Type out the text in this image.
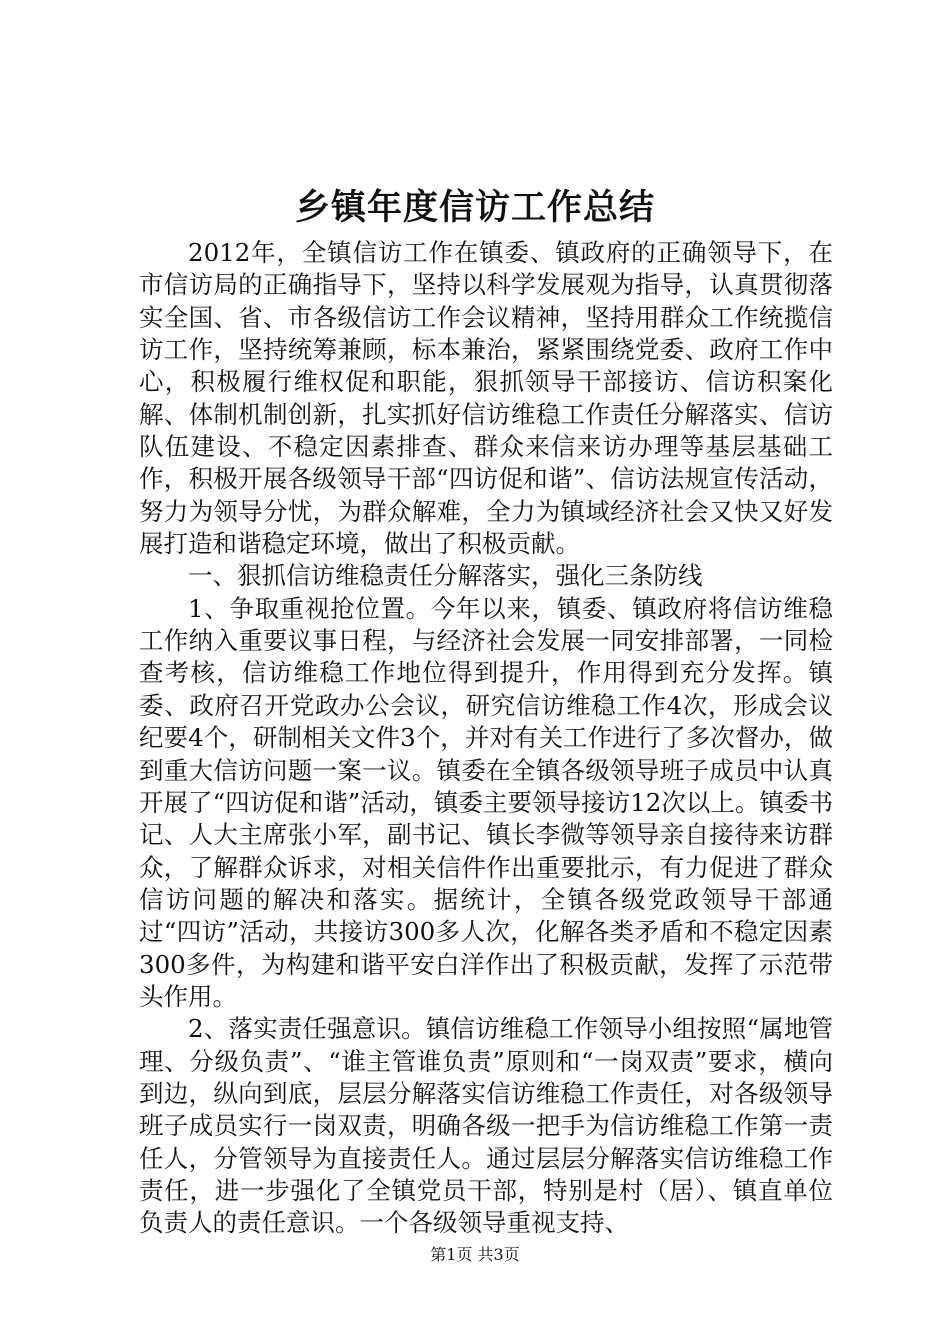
乡镇年度信访工作总结

2012年，全镇信访工作在镇委、镇政府的正确领导下，在市信访局的正确指导下，坚持以科学发展观为指导，认真贯彻落实全国、省、市各级信访工作会议精神，坚持用群众工作统揽信访工作，坚持统筹兼顾，标本兼治，紧紧围绕党委、政府工作中心，积极履行维权促和职能，狠抓领导干部接访、信访积案化解、体制机制创新，扎实抓好信访维稳工作责任分解落实、信访队伍建设、不稳定因素排查、群众来信来访办理等基层基础工作，积极开展各级领导干部“四访促和谐”、信访法规宣传活动，努力为领导分忧，为群众解难，全力为镇域经济社会又快又好发展打造和谐稳定环境，做出了积极贡献。

一、狠抓信访维稳责任分解落实，强化三条防线

1、争取重视抢位置。今年以来，镇委、镇政府将信访维稳工作纳入重要议事日程，与经济社会发展一同安排部署，一同检查考核，信访维稳工作地位得到提升，作用得到充分发挥。镇委、政府召开党政办公会议，研究信访维稳工作4次，形成会议纪要4个，研制相关文件3个，并对有关工作进行了多次督办，做到重大信访问题一案一议。镇委在全镇各级领导班子成员中认真开展了“四访促和谐”活动，镇委主要领导接访12次以上。镇委书记、人大主席张小军，副书记、镇长李微等领导亲自接待来访群众，了解群众诉求，对相关信件作出重要批示，有力促进了群众信访问题的解决和落实。据统计，全镇各级党政领导干部通过“四访”活动，共接访300多人次，化解各类矛盾和不稳定因素300多件，为构建和谐平安白洋作出了积极贡献，发挥了示范带头作用。

2、落实责任强意识。镇信访维稳工作领导小组按照“属地管理、分级负责”、“谁主管谁负责”原则和“一岗双责”要求，横向到边，纵向到底，层层分解落实信访维稳工作责任，对各级领导班子成员实行一岗双责，明确各级一把手为信访维稳工作第一责任人，分管领导为直接责任人。通过层层分解落实信访维稳工作责任，进一步强化了全镇党员干部，特别是村（居）、镇直单位负责人的责任意识。一个各级领导重视支持、

第1页 共3页
